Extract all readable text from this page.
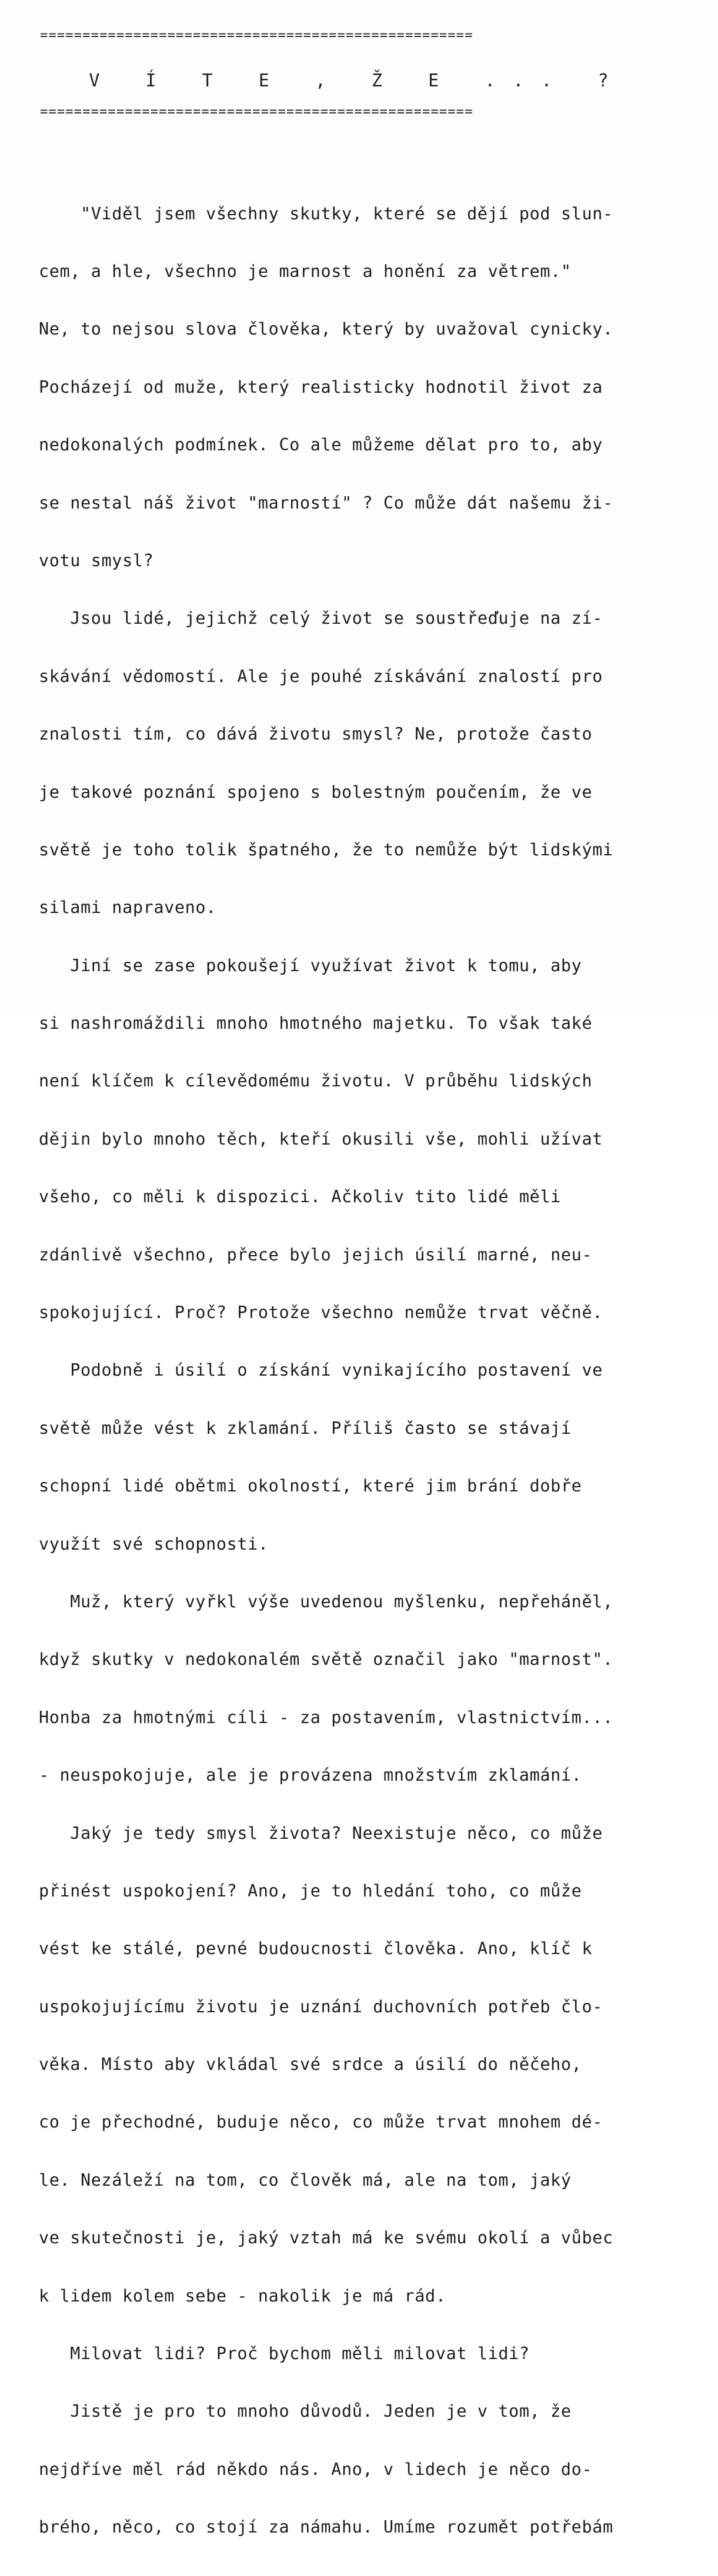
===================================================
V Í T E , Ž E ... ?
===================================================

"Viděl jsem všechny skutky, které se dějí pod slun-

cem, a hle, všechno je marnost a honění za větrem."

Ne, to nejsou slova člověka, který by uvažoval cynicky.

Pocházejí od muže, který realisticky hodnotil život za

nedokonalých podmínek. Co ale můžeme dělat pro to, aby

se nestal náš život "marností" ? Co může dát našemu ži-

votu smysl?

Jsou lidé, jejichž celý život se soustřeďuje na zí-

skávání vědomostí. Ale je pouhé získávání znalostí pro

znalosti tím, co dává životu smysl? Ne, protože často

je takové poznání spojeno s bolestným poučením, že ve

světě je toho tolik špatného, že to nemůže být lidskými

silami napraveno.

Jiní se zase pokoušejí využívat život k tomu, aby

si nashromáždili mnoho hmotného majetku. To však také

není klíčem k cílevědomému životu. V průběhu lidských

dějin bylo mnoho těch, kteří okusili vše, mohli užívat

všeho, co měli k dispozici. Ačkoliv tito lidé měli

zdánlivě všechno, přece bylo jejich úsilí marné, neu-

spokojující. Proč? Protože všechno nemůže trvat věčně.

Podobně i úsilí o získání vynikajícího postavení ve

světě může vést k zklamání. Příliš často se stávají

schopní lidé obětmi okolností, které jim brání dobře

využít své schopnosti.

Muž, který vyřkl výše uvedenou myšlenku, nepřeháněl,

když skutky v nedokonalém světě označil jako "marnost".

Honba za hmotnými cíli - za postavením, vlastnictvím...

- neuspokojuje, ale je provázena množstvím zklamání.

Jaký je tedy smysl života? Neexistuje něco, co může

přinést uspokojení? Ano, je to hledání toho, co může

vést ke stálé, pevné budoucnosti člověka. Ano, klíč k

uspokojujícímu životu je uznání duchovních potřeb člo-

věka. Místo aby vkládal své srdce a úsilí do něčeho,

co je přechodné, buduje něco, co může trvat mnohem dé-

le. Nezáleží na tom, co člověk má, ale na tom, jaký

ve skutečnosti je, jaký vztah má ke svému okolí a vůbec

k lidem kolem sebe - nakolik je má rád.

Milovat lidi? Proč bychom měli milovat lidi?

Jistě je pro to mnoho důvodů. Jeden je v tom, že

nejdříve měl rád někdo nás. Ano, v lidech je něco do-

brého, něco, co stojí za námahu. Umíme rozumět potřebám
